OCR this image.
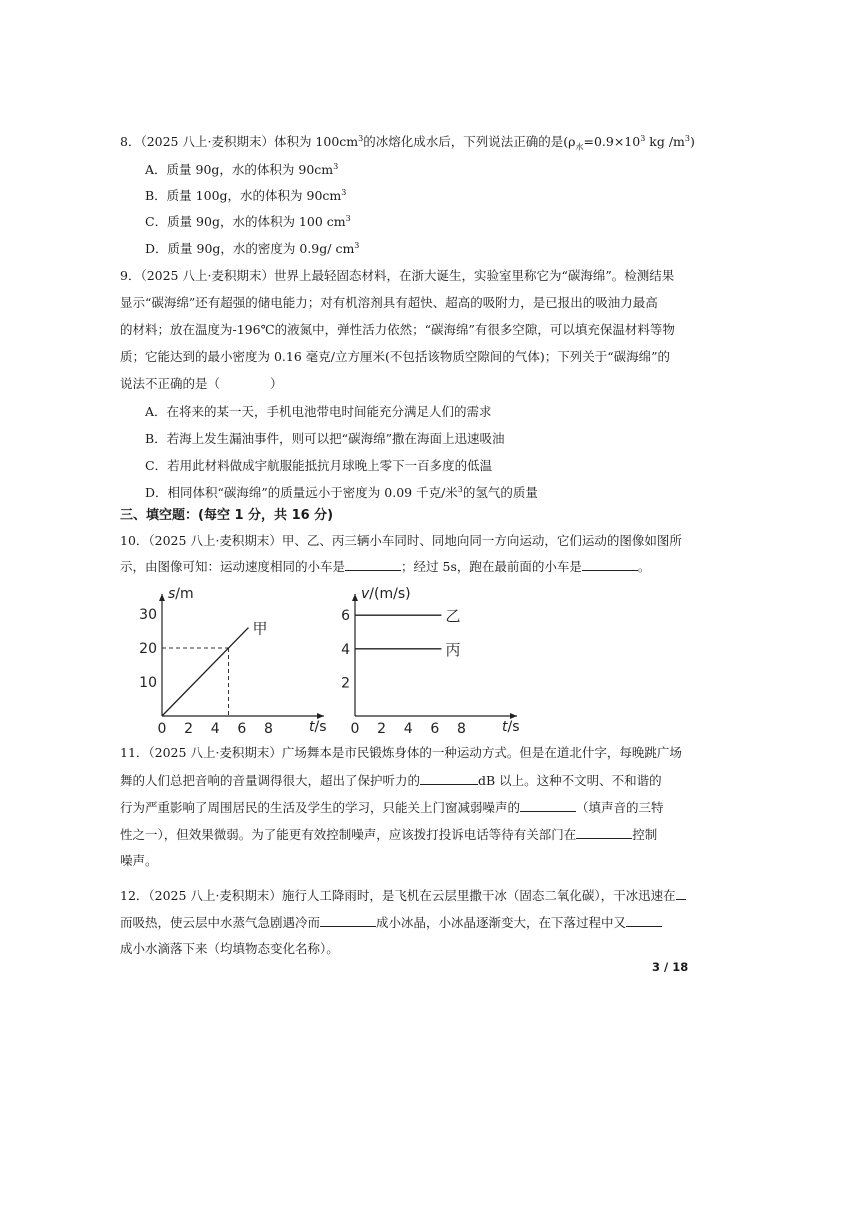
8．（2025 八上·麦积期末）体积为 $100cm^3$的冰熔化成水后，下列说法正确的是($\rho_水=0.9\times 10^3$ kg $/m^3$)
A．质量 90g，水的体积为 $90cm^3$
B．质量 100g，水的体积为 $90cm^3$
C．质量 90g，水的体积为 100 $cm^3$
D．质量 90g，水的密度为 0.9g/ $cm^3$
9．（2025 八上·麦积期末）世界上最轻固态材料，在浙大诞生，实验室里称它为“碳海绵”。检测结果
显示“碳海绵”还有超强的储电能力；对有机溶剂具有超快、超高的吸附力，是已报出的吸油力最高
的材料；放在温度为-196℃的液氮中，弹性活力依然；“碳海绵”有很多空隙，可以填充保温材料等物
质；它能达到的最小密度为 0.16 毫克/立方厘米(不包括该物质空隙间的气体)；下列关于“碳海绵”的
说法不正确的是（　　　　）
A．在将来的某一天，手机电池带电时间能充分满足人们的需求
B．若海上发生漏油事件，则可以把“碳海绵”撒在海面上迅速吸油
C．若用此材料做成宇航服能抵抗月球晚上零下一百多度的低温
D．相同体积“碳海绵”的质量远小于密度为 0.09 千克/米$^3$的氢气的质量
三、填空题：(每空 1 分，共 16 分)
10．（2025 八上·麦积期末）甲、乙、丙三辆小车同时、同地向同一方向运动，它们运动的图像如图所
示，由图像可知：运动速度相同的小车是	；经过 5s，跑在最前面的小车是	。
s/m
t/s
0 2 4 6 8
10
20
30
甲
v/(m/s)
t/s
0 2 4 6 8
2
4
6	乙
丙
11．（2025 八上·麦积期末）广场舞本是市民锻炼身体的一种运动方式。但是在道北什字，每晚跳广场
舞的人们总把音响的音量调得很大，超出了保护听力的	dB 以上。这种不文明、不和谐的
行为严重影响了周围居民的生活及学生的学习，只能关上门窗减弱噪声的	（填声音的三特
性之一），但效果微弱。为了能更有效控制噪声，应该拨打投诉电话等待有关部门在	控制
噪声。
12．（2025 八上·麦积期末）施行人工降雨时，是飞机在云层里撒干冰（固态二氧化碳），干冰迅速在
而吸热，使云层中水蒸气急剧遇冷而	成小冰晶，小冰晶逐渐变大，在下落过程中又
成小水滴落下来（均填物态变化名称）。
3 / 18
